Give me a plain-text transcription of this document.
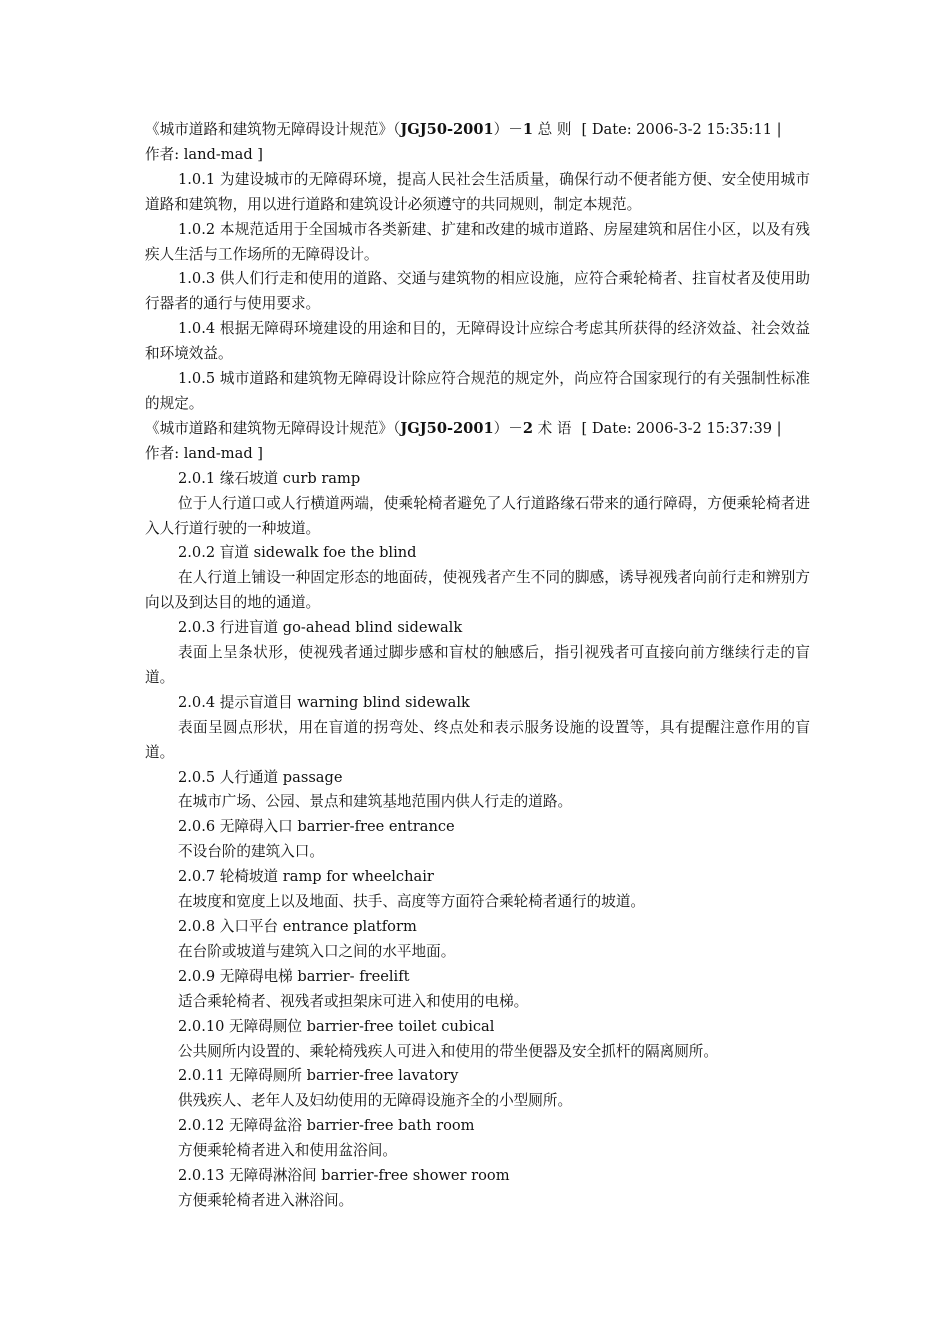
《城市道路和建筑物无障碍设计规范》（JGJ50-2001）－1 总 则 [ Date: 2006-3-2 15:35:11 |
作者: land-mad ]
1.0.1 为建设城市的无障碍环境，提高人民社会生活质量，确保行动不便者能方便、安全使用城市道路和建筑物，用以进行道路和建筑设计必须遵守的共同规则，制定本规范。
1.0.2 本规范适用于全国城市各类新建、扩建和改建的城市道路、房屋建筑和居住小区，以及有残疾人生活与工作场所的无障碍设计。
1.0.3 供人们行走和使用的道路、交通与建筑物的相应设施，应符合乘轮椅者、拄盲杖者及使用助行器者的通行与使用要求。
1.0.4 根据无障碍环境建设的用途和目的，无障碍设计应综合考虑其所获得的经济效益、社会效益和环境效益。
1.0.5 城市道路和建筑物无障碍设计除应符合规范的规定外，尚应符合国家现行的有关强制性标准的规定。
《城市道路和建筑物无障碍设计规范》（JGJ50-2001）－2 术 语 [ Date: 2006-3-2 15:37:39 |
作者: land-mad ]
2.0.1 缘石坡道 curb ramp
位于人行道口或人行横道两端，使乘轮椅者避免了人行道路缘石带来的通行障碍，方便乘轮椅者进入人行道行驶的一种坡道。
2.0.2 盲道 sidewalk foe the blind
在人行道上铺设一种固定形态的地面砖，使视残者产生不同的脚感，诱导视残者向前行走和辨别方向以及到达目的地的通道。
2.0.3 行进盲道 go-ahead blind sidewalk
表面上呈条状形，使视残者通过脚步感和盲杖的触感后，指引视残者可直接向前方继续行走的盲道。
2.0.4 提示盲道目 warning blind sidewalk
表面呈圆点形状，用在盲道的拐弯处、终点处和表示服务设施的设置等，具有提醒注意作用的盲道。
2.0.5 人行通道 passage
在城市广场、公园、景点和建筑基地范围内供人行走的道路。
2.0.6 无障碍入口 barrier-free entrance
不设台阶的建筑入口。
2.0.7 轮椅坡道 ramp for wheelchair
在坡度和宽度上以及地面、扶手、高度等方面符合乘轮椅者通行的坡道。
2.0.8 入口平台 entrance platform
在台阶或坡道与建筑入口之间的水平地面。
2.0.9 无障碍电梯 barrier- freelift
适合乘轮椅者、视残者或担架床可进入和使用的电梯。
2.0.10 无障碍厕位 barrier-free toilet cubical
公共厕所内设置的、乘轮椅残疾人可进入和使用的带坐便器及安全抓杆的隔离厕所。
2.0.11 无障碍厕所 barrier-free lavatory
供残疾人、老年人及妇幼使用的无障碍设施齐全的小型厕所。
2.0.12 无障碍盆浴 barrier-free bath room
方便乘轮椅者进入和使用盆浴间。
2.0.13 无障碍淋浴间 barrier-free shower room
方便乘轮椅者进入淋浴间。
